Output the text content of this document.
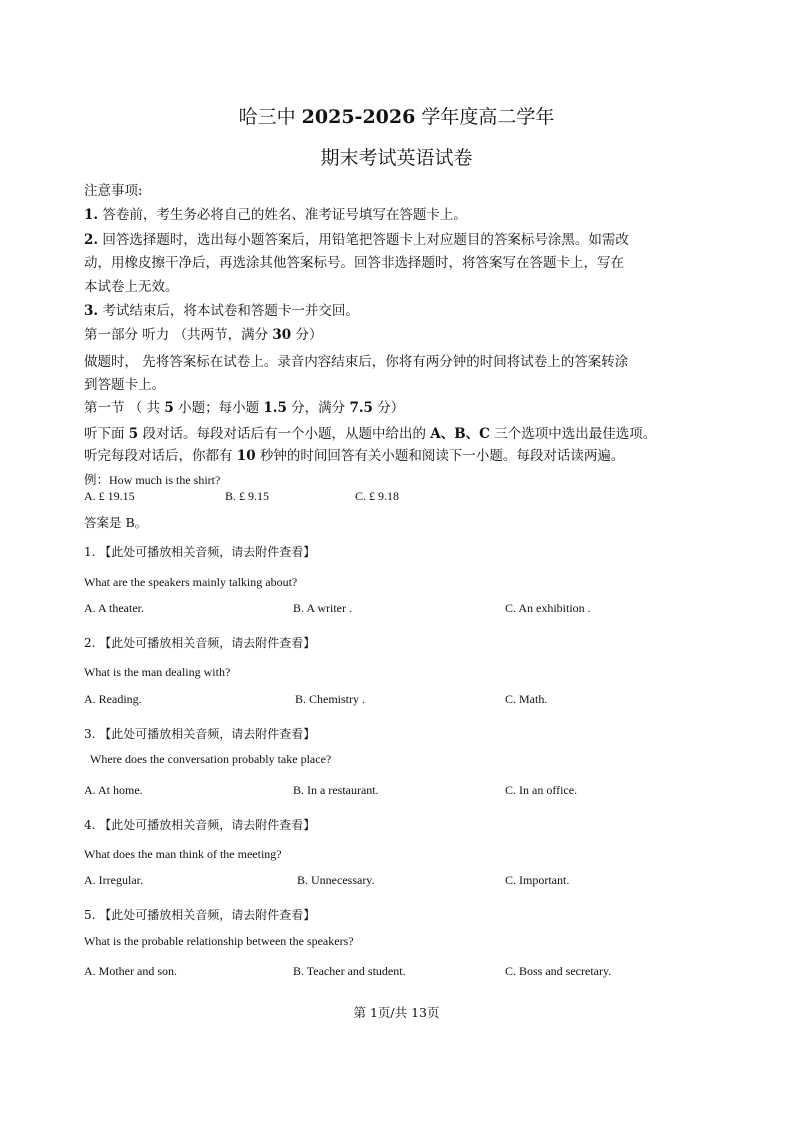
哈三中 2025-2026 学年度高二学年
期末考试英语试卷
注意事项:
1. 答卷前，考生务必将自己的姓名、准考证号填写在答题卡上。
2. 回答选择题时，选出每小题答案后，用铅笔把答题卡上对应题目的答案标号涂黑。如需改
动，用橡皮擦干净后，再选涂其他答案标号。回答非选择题时，将答案写在答题卡上，写在
本试卷上无效。
3. 考试结束后，将本试卷和答题卡一并交回。
第一部分 听力 （共两节，满分 30 分）
做题时， 先将答案标在试卷上。录音内容结束后，你将有两分钟的时间将试卷上的答案转涂
到答题卡上。
第一节 （ 共 5 小题；每小题 1.5 分，满分 7.5 分）
听下面 5 段对话。每段对话后有一个小题，从题中给出的 A、B、C 三个选项中选出最佳选项。
听完每段对话后，你都有 10 秒钟的时间回答有关小题和阅读下一小题。每段对话读两遍。
例：How much is the shirt?
A. £ 19.15	B. £ 9.15	C. £ 9.18
答案是 B。
1. 【此处可播放相关音频，请去附件查看】
What are the speakers mainly talking about?
A. A theater.	B. A writer .	C. An exhibition .
2. 【此处可播放相关音频，请去附件查看】
What is the man dealing with?
A. Reading.	B. Chemistry .	C. Math.
3. 【此处可播放相关音频，请去附件查看】
Where does the conversation probably take place?
A. At home.	B. In a restaurant.	C. In an office.
4. 【此处可播放相关音频，请去附件查看】
What does the man think of the meeting?
A. Irregular.	B. Unnecessary.	C. Important.
5. 【此处可播放相关音频，请去附件查看】
What is the probable relationship between the speakers?
A. Mother and son.	B. Teacher and student.	C. Boss and secretary.
第 1页/共 13页
